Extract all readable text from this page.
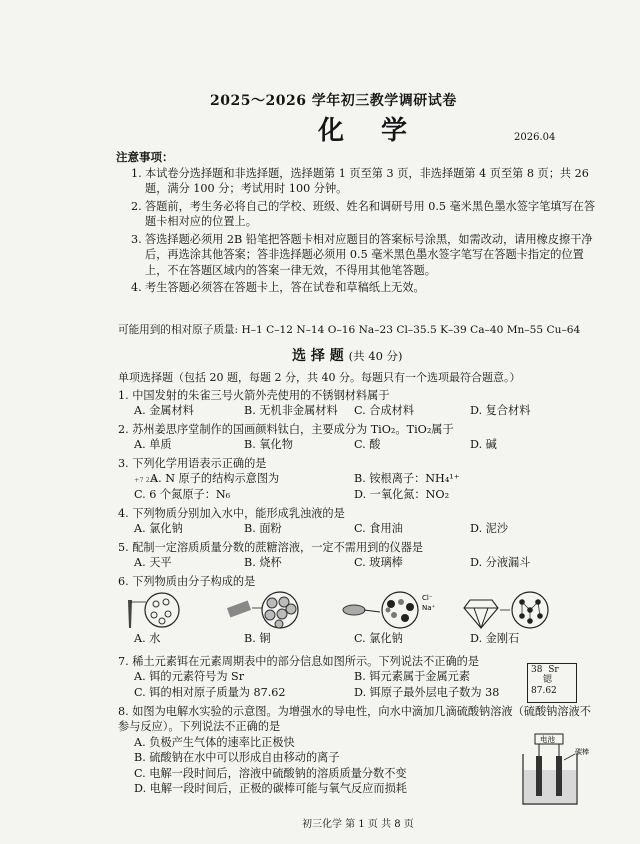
2025～2026 学年初三教学调研试卷
化 学	2026.04
注意事项：
1. 本试卷分选择题和非选择题，选择题第 1 页至第 3 页，非选择题第 4 页至第 8 页；共 26 题，满分 100 分；考试用时 100 分钟。
2. 答题前，考生务必将自己的学校、班级、姓名和调研号用 0.5 毫米黑色墨水签字笔填写在答题卡相对应的位置上。
3. 答选择题必须用 2B 铅笔把答题卡相对应题目的答案标号涂黑，如需改动，请用橡皮擦干净后，再选涂其他答案；答非选择题必须用 0.5 毫米黑色墨水签字笔写在答题卡指定的位置上，不在答题区域内的答案一律无效，不得用其他笔答题。
4. 考生答题必须答在答题卡上，答在试卷和草稿纸上无效。
可能用到的相对原子质量: H–1 C–12 N–14 O–16 Na–23 Cl–35.5 K–39 Ca–40 Mn–55 Cu–64
选 择 题 (共 40 分)
单项选择题（包括 20 题，每题 2 分，共 40 分。每题只有一个选项最符合题意。）
1. 中国发射的朱雀三号火箭外壳使用的不锈钢材料属于
A. 金属材料	B. 无机非金属材料 C. 合成材料	D. 复合材料
2. 苏州姜思序堂制作的国画颜料钛白，主要成分为 TiO₂。TiO₂属于
A. 单质	B. 氧化物	C. 酸	D. 碱
3. 下列化学用语表示正确的是
A. N 原子的结构示意图为
+7 2 5	B. 铵根离子：NH₄¹⁺
C. 6 个氮原子：N₆	D. 一氧化氮：NO₂
4. 下列物质分别加入水中，能形成乳浊液的是
A. 氯化钠	B. 面粉	C. 食用油	D. 泥沙
5. 配制一定溶质质量分数的蔗糖溶液，一定不需用到的仪器是
A. 天平	B. 烧杯	C. 玻璃棒	D. 分液漏斗
6. 下列物质由分子构成的是
Cl⁻
Na⁺
A. 水	B. 铜	C. 氯化钠	D. 金刚石
7. 稀土元素铒在元素周期表中的部分信息如图所示。下列说法不正确的是
A. 铒的元素符号为 Sr	B. 铒元素属于金属元素
C. 铒的相对原子质量为 87.62	D. 铒原子最外层电子数为 38
38 Sr
锶
87.62
8. 如图为电解水实验的示意图。为增强水的导电性，向水中滴加几滴硫酸钠溶液（硫酸钠溶液不参与反应）。下列说法不正确的是
A. 负极产生气体的速率比正极快
B. 硫酸钠在水中可以形成自由移动的离子
C. 电解一段时间后，溶液中硫酸钠的溶质质量分数不变
D. 电解一段时间后，正极的碳棒可能与氧气反应而损耗
电池
碳棒
初三化学 第 1 页 共 8 页
